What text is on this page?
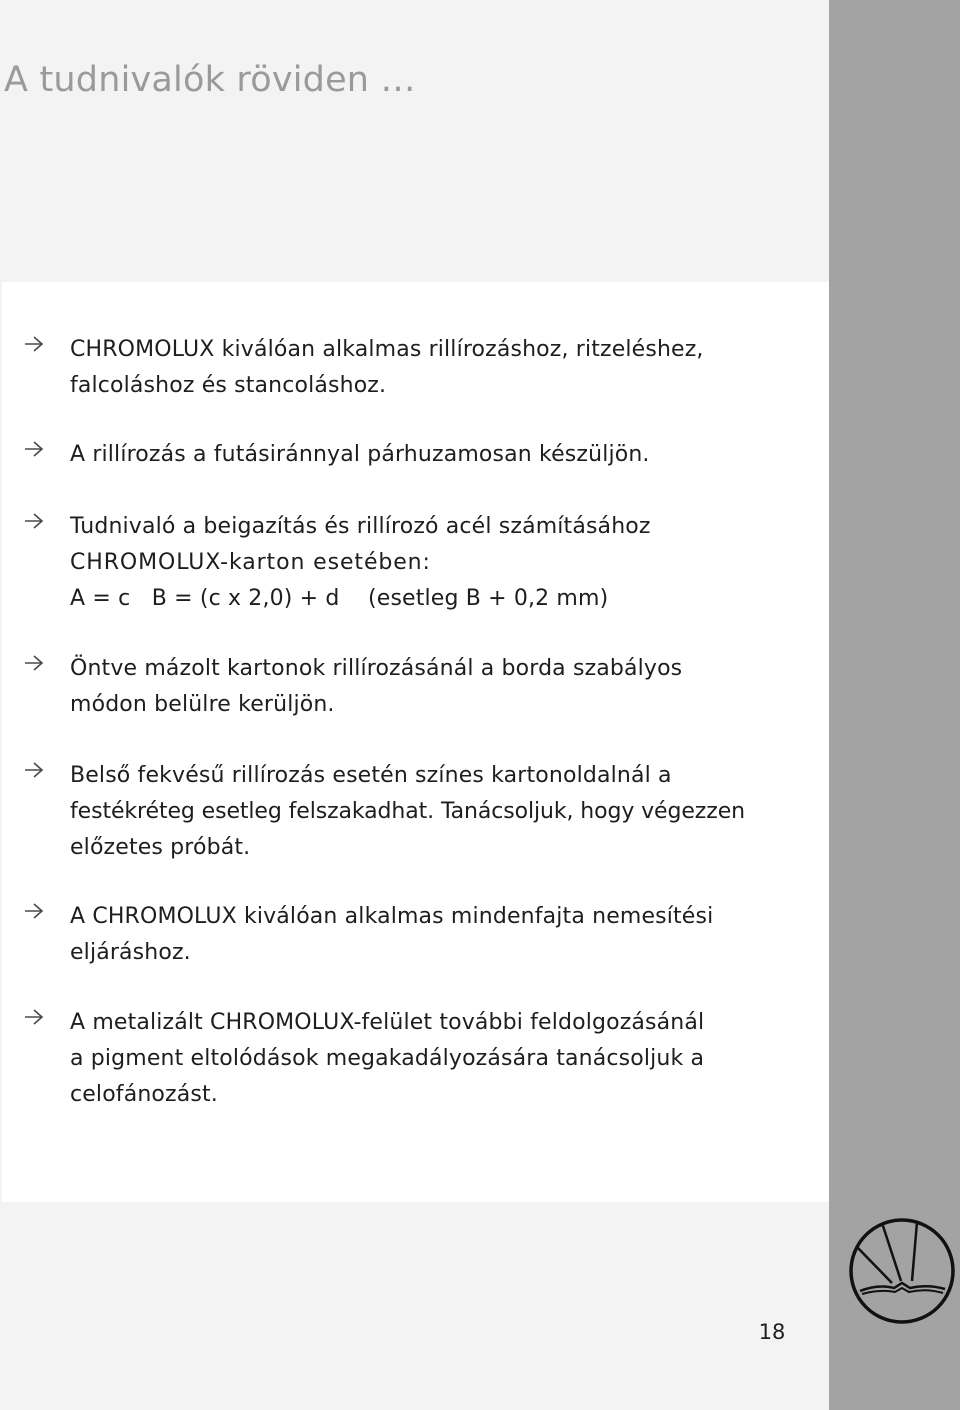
A tudnivalók röviden …

CHROMOLUX kiválóan alkalmas rillírozáshoz, ritzeléshez,
falcoláshoz és stancoláshoz.

A rillírozás a futásiránnyal párhuzamosan készüljön.

Tudnivaló a beigazítás és rillírozó acél számításához
CHROMOLUX-karton esetében:
A = c   B = (c x 2,0) + d    (esetleg B + 0,2 mm)

Öntve mázolt kartonok rillírozásánál a borda szabályos
módon belülre kerüljön.

Belső fekvésű rillírozás esetén színes kartonoldalnál a
festékréteg esetleg felszakadhat. Tanácsoljuk, hogy végezzen
előzetes próbát.

A CHROMOLUX kiválóan alkalmas mindenfajta nemesítési
eljáráshoz.

A metalizált CHROMOLUX-felület további feldolgozásánál
a pigment eltolódások megakadályozására tanácsoljuk a
celofánozást.

18
